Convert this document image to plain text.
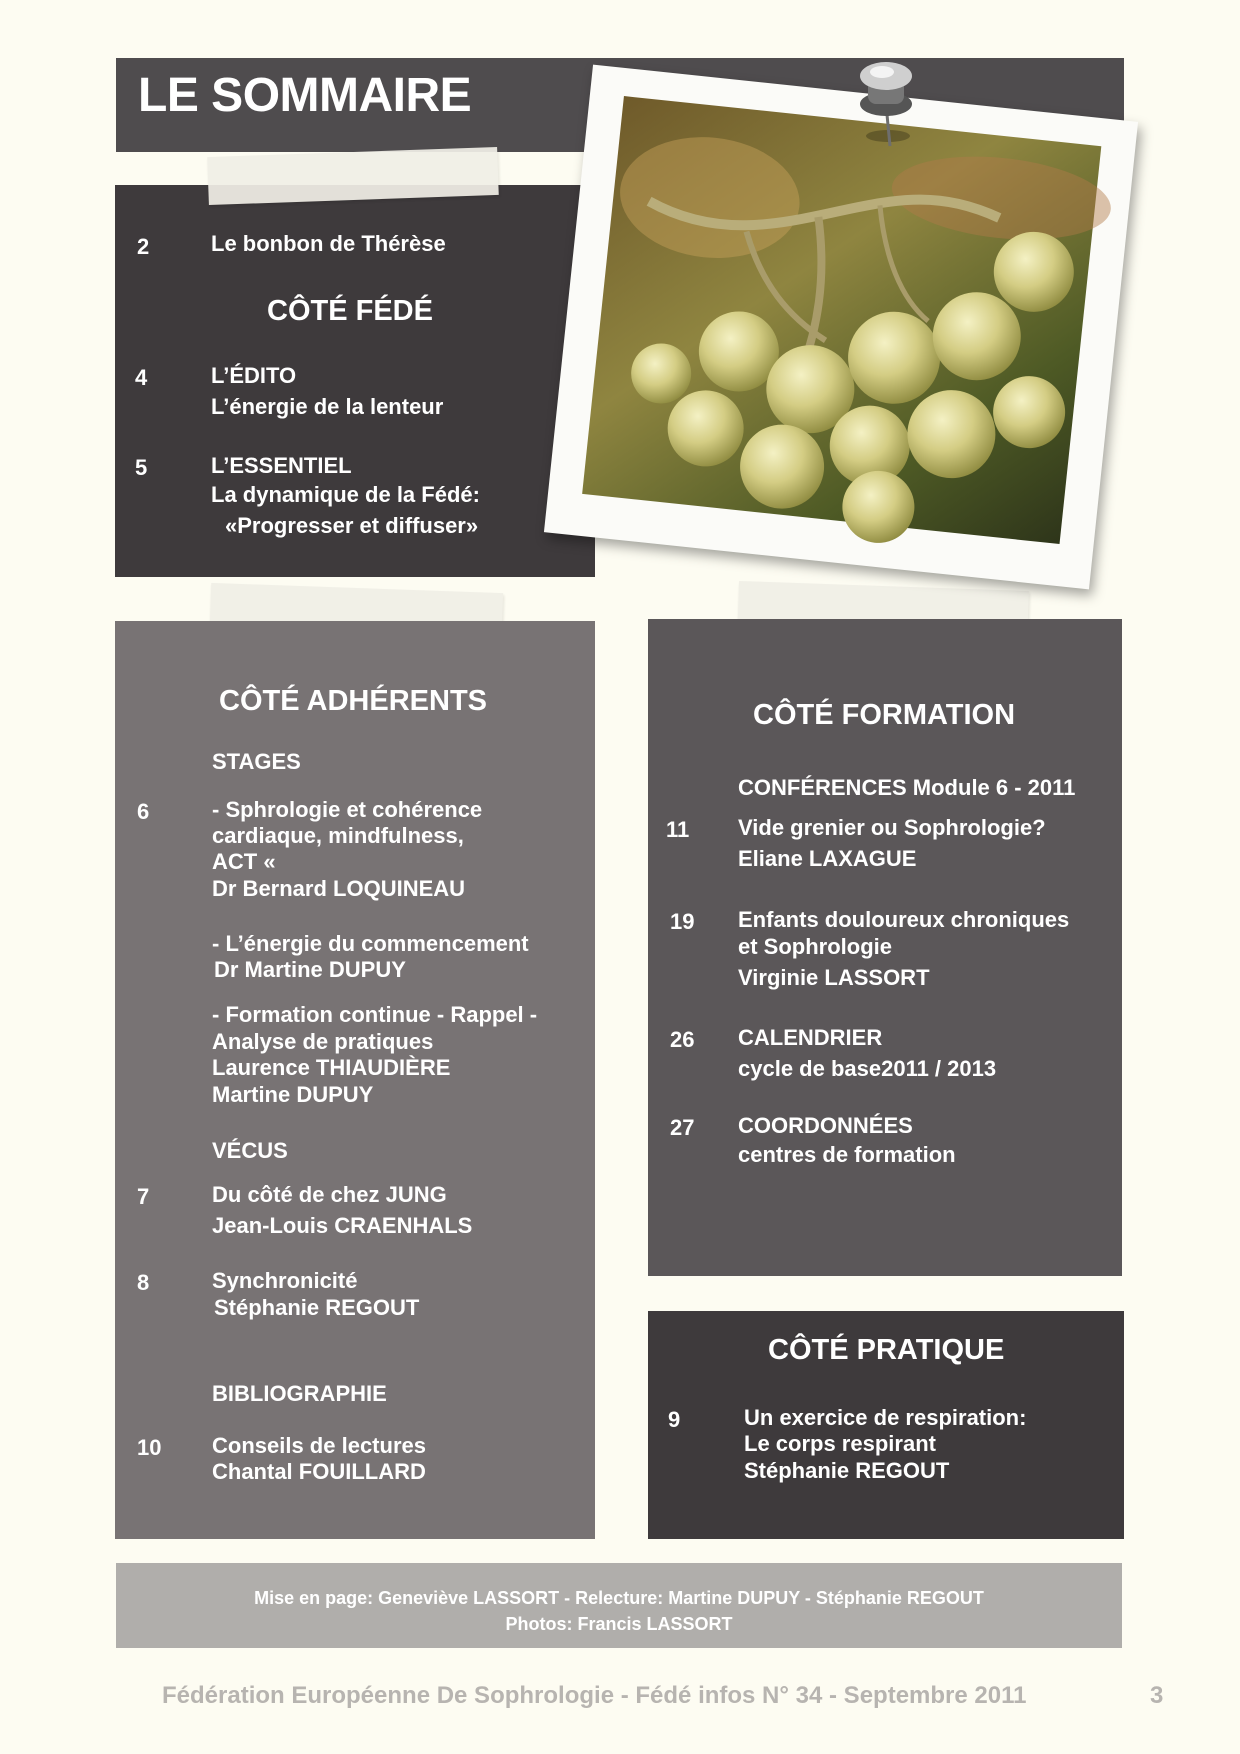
LE SOMMAIRE
2	Le bonbon de Thérèse
CÔTÉ FÉDÉ
4	L’ÉDITO
L’énergie de la lenteur
5	L’ESSENTIEL
La dynamique de la Fédé:
«Progresser et diffuser»
CÔTÉ ADHÉRENTS
STAGES
6	- Sphrologie et cohérence
cardiaque, mindfulness,
ACT «
Dr Bernard LOQUINEAU
- L’énergie du commencement
Dr Martine DUPUY
- Formation continue - Rappel -
Analyse de pratiques
Laurence THIAUDIÈRE
Martine DUPUY
VÉCUS
7	Du côté de chez JUNG
Jean-Louis CRAENHALS
8	Synchronicité
Stéphanie REGOUT
BIBLIOGRAPHIE
10 Conseils de lectures
Chantal FOUILLARD
CÔTÉ FORMATION
CONFÉRENCES Module 6 - 2011
11 Vide grenier ou Sophrologie?
Eliane LAXAGUE
19 Enfants douloureux chroniques
et Sophrologie
Virginie LASSORT
26 CALENDRIER
cycle de base2011 / 2013
27 COORDONNÉES
centres de formation
CÔTÉ PRATIQUE
9	Un exercice de respiration:
Le corps respirant
Stéphanie REGOUT
Mise en page: Geneviève LASSORT - Relecture: Martine DUPUY - Stéphanie REGOUT
Photos: Francis LASSORT
Fédération Européenne De Sophrologie - Fédé infos N° 34 - Septembre 2011	3
